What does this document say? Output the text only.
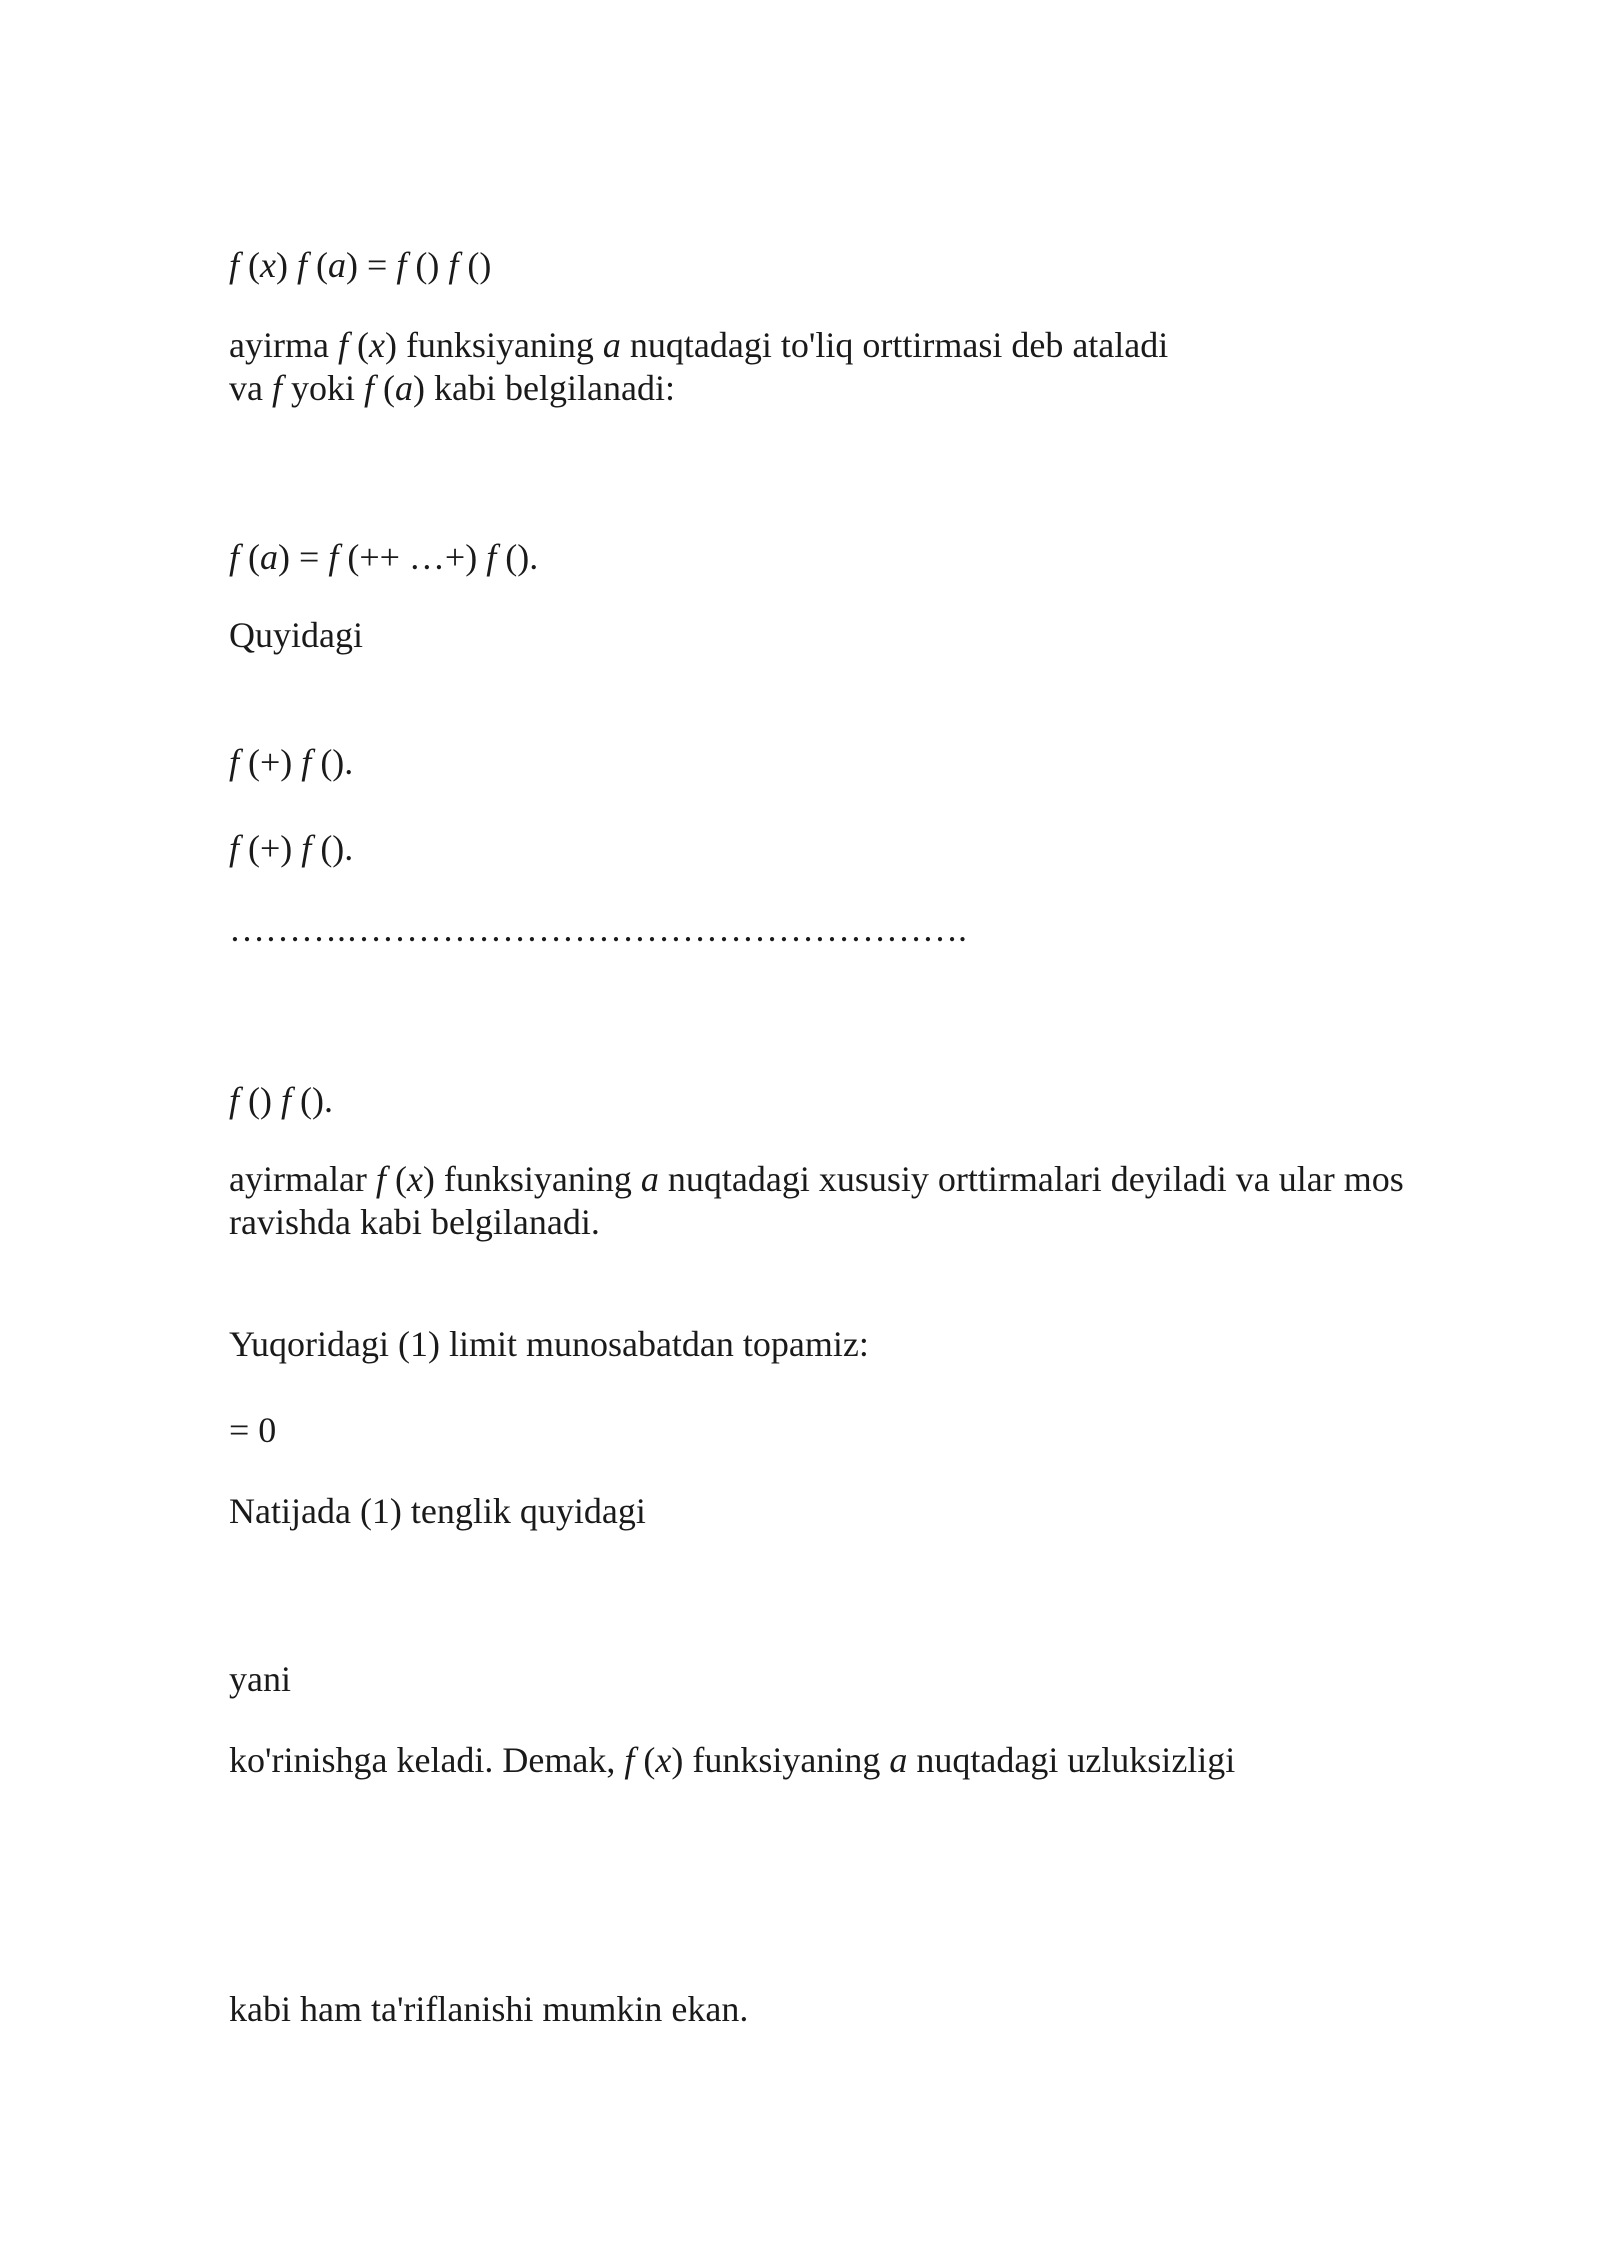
f (x) f (a) = f () f ()
ayirma f (x) funksiyaning a nuqtadagi to'liq orttirmasi deb ataladi
va f yoki f (a) kabi belgilanadi:
f (a) = f (++ …+) f ().
Quyidagi
f (+) f ().
f (+) f ().
……….…………………………………………….
f () f ().
ayirmalar f (x) funksiyaning a nuqtadagi xususiy orttirmalari deyiladi va ular mos
ravishda kabi belgilanadi.
Yuqoridagi (1) limit munosabatdan topamiz:
= 0
Natijada (1) tenglik quyidagi
yani
ko'rinishga keladi. Demak, f (x) funksiyaning a nuqtadagi uzluksizligi
kabi ham ta'riflanishi mumkin ekan.
